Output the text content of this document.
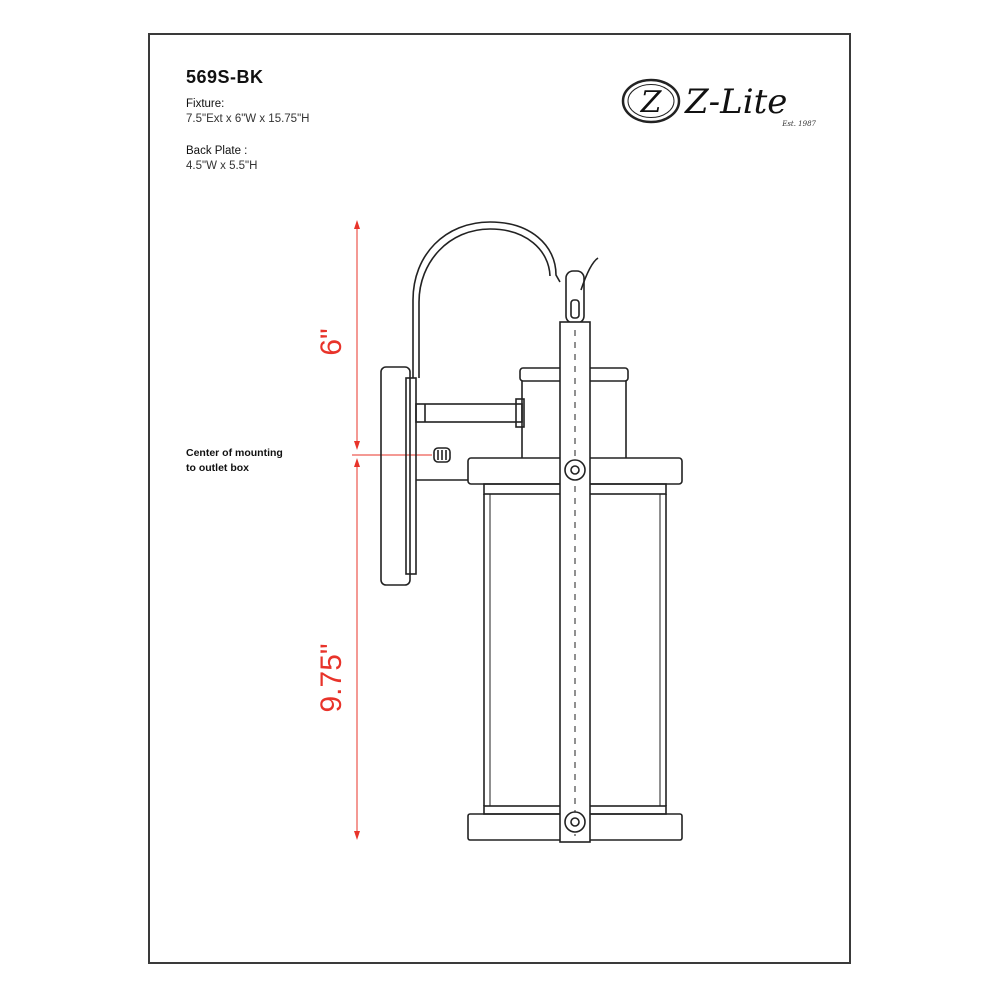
569S-BK
Fixture:
7.5"Ext x 6"W x 15.75"H
Back Plate :
4.5"W x 5.5"H
Center of mounting
to outlet box
Z Z-Lite
Est. 1987
6"
9.75"
